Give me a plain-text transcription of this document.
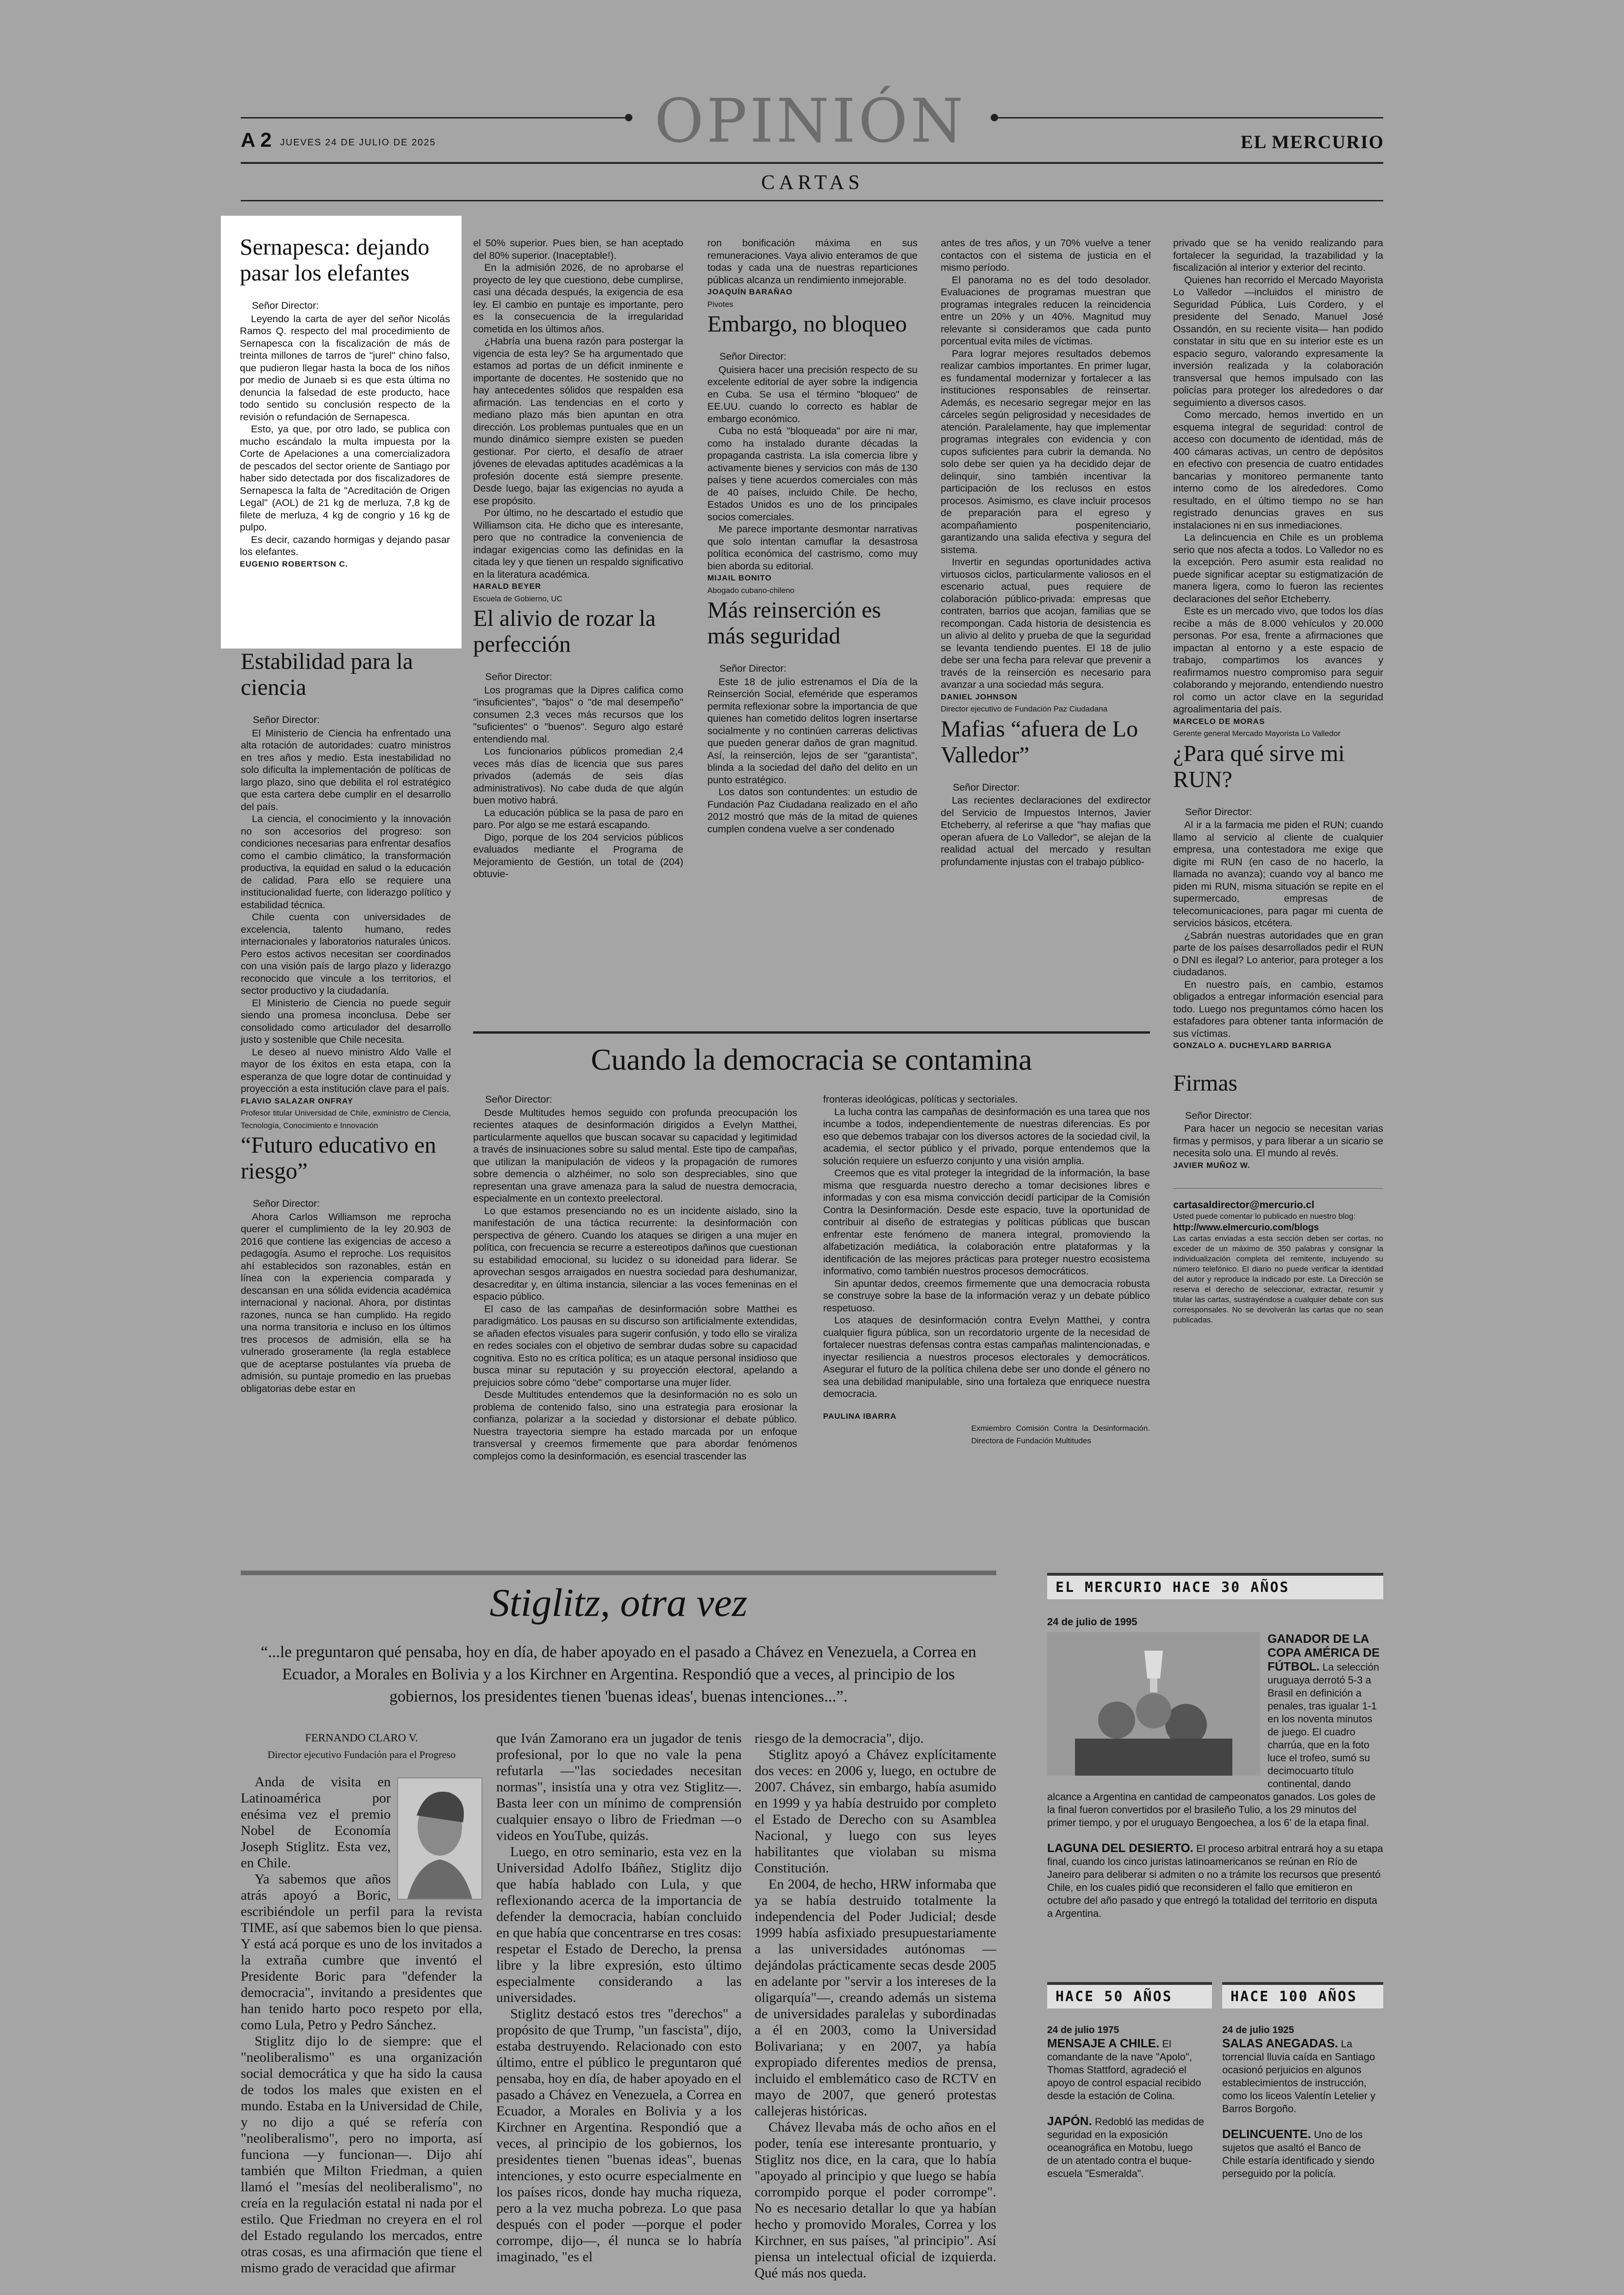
A 2 JUEVES 24 DE JULIO DE 2025	OPINIÓN	EL MERCURIO
CARTAS
Sernapesca: dejando pasar los elefantes

Señor Director:

Leyendo la carta de ayer del señor Nicolás Ramos Q. respecto del mal procedimiento de Sernapesca con la fiscalización de más de treinta millones de tarros de "jurel" chino falso, que pudieron llegar hasta la boca de los niños por medio de Junaeb si es que esta última no denuncia la falsedad de este producto, hace todo sentido su conclusión respecto de la revisión o refundación de Sernapesca.

Esto, ya que, por otro lado, se publica con mucho escándalo la multa impuesta por la Corte de Apelaciones a una comercializadora de pescados del sector oriente de Santiago por haber sido detectada por dos fiscalizadores de Sernapesca la falta de "Acreditación de Origen Legal" (AOL) de 21 kg de merluza, 7,8 kg de filete de merluza, 4 kg de congrio y 16 kg de pulpo.

Es decir, cazando hormigas y dejando pasar los elefantes.

EUGENIO ROBERTSON C.

Estabilidad para la ciencia

Señor Director:

El Ministerio de Ciencia ha enfrentado una alta rotación de autoridades: cuatro ministros en tres años y medio. Esta inestabilidad no solo dificulta la implementación de políticas de largo plazo, sino que debilita el rol estratégico que esta cartera debe cumplir en el desarrollo del país.

La ciencia, el conocimiento y la innovación no son accesorios del progreso: son condiciones necesarias para enfrentar desafíos como el cambio climático, la transformación productiva, la equidad en salud o la educación de calidad. Para ello se requiere una institucionalidad fuerte, con liderazgo político y estabilidad técnica.

Chile cuenta con universidades de excelencia, talento humano, redes internacionales y laboratorios naturales únicos. Pero estos activos necesitan ser coordinados con una visión país de largo plazo y liderazgo reconocido que vincule a los territorios, el sector productivo y la ciudadanía.

El Ministerio de Ciencia no puede seguir siendo una promesa inconclusa. Debe ser consolidado como articulador del desarrollo justo y sostenible que Chile necesita.

Le deseo al nuevo ministro Aldo Valle el mayor de los éxitos en esta etapa, con la esperanza de que logre dotar de continuidad y proyección a esta institución clave para el país.

FLAVIO SALAZAR ONFRAY

Profesor titular Universidad de Chile, exministro de Ciencia, Tecnología, Conocimiento e Innovación

“Futuro educativo en riesgo”

Señor Director:

Ahora Carlos Williamson me reprocha querer el cumplimiento de la ley 20.903 de 2016 que contiene las exigencias de acceso a pedagogía. Asumo el reproche. Los requisitos ahí establecidos son razonables, están en línea con la experiencia comparada y descansan en una sólida evidencia académica internacional y nacional. Ahora, por distintas razones, nunca se han cumplido. Ha regido una norma transitoria e incluso en los últimos tres procesos de admisión, ella se ha vulnerado groseramente (la regla establece que de aceptarse postulantes vía prueba de admisión, su puntaje promedio en las pruebas obligatorias debe estar en

el 50% superior. Pues bien, se han aceptado del 80% superior. (Inaceptable!).

En la admisión 2026, de no aprobarse el proyecto de ley que cuestiono, debe cumplirse, casi una década después, la exigencia de esa ley. El cambio en puntaje es importante, pero es la consecuencia de la irregularidad cometida en los últimos años.

¿Habría una buena razón para postergar la vigencia de esta ley? Se ha argumentado que estamos ad portas de un déficit inminente e importante de docentes. He sostenido que no hay antecedentes sólidos que respalden esa afirmación. Las tendencias en el corto y mediano plazo más bien apuntan en otra dirección. Los problemas puntuales que en un mundo dinámico siempre existen se pueden gestionar. Por cierto, el desafío de atraer jóvenes de elevadas aptitudes académicas a la profesión docente está siempre presente. Desde luego, bajar las exigencias no ayuda a ese propósito.

Por último, no he descartado el estudio que Williamson cita. He dicho que es interesante, pero que no contradice la conveniencia de indagar exigencias como las definidas en la citada ley y que tienen un respaldo significativo en la literatura académica.

HARALD BEYER

Escuela de Gobierno, UC

El alivio de rozar la perfección

Señor Director:

Los programas que la Dipres califica como "insuficientes", "bajos" o "de mal desempeño" consumen 2,3 veces más recursos que los "suficientes" o "buenos". Seguro algo estaré entendiendo mal.

Los funcionarios públicos promedian 2,4 veces más días de licencia que sus pares privados (además de seis días administrativos). No cabe duda de que algún buen motivo habrá.

La educación pública se la pasa de paro en paro. Por algo se me estará escapando.

Digo, porque de los 204 servicios públicos evaluados mediante el Programa de Mejoramiento de Gestión, un total de (204) obtuvie-

ron bonificación máxima en sus remuneraciones. Vaya alivio enteramos de que todas y cada una de nuestras reparticiones públicas alcanza un rendimiento inmejorable.

JOAQUÍN BARAÑAO

Pivotes

Embargo, no bloqueo

Señor Director:

Quisiera hacer una precisión respecto de su excelente editorial de ayer sobre la indigencia en Cuba. Se usa el término "bloqueo" de EE.UU. cuando lo correcto es hablar de embargo económico.

Cuba no está "bloqueada" por aire ni mar, como ha instalado durante décadas la propaganda castrista. La isla comercia libre y activamente bienes y servicios con más de 130 países y tiene acuerdos comerciales con más de 40 países, incluido Chile. De hecho, Estados Unidos es uno de los principales socios comerciales.

Me parece importante desmontar narrativas que solo intentan camuflar la desastrosa política económica del castrismo, como muy bien aborda su editorial.

MIJAIL BONITO

Abogado cubano-chileno

Más reinserción es más seguridad

Señor Director:

Este 18 de julio estrenamos el Día de la Reinserción Social, efeméride que esperamos permita reflexionar sobre la importancia de que quienes han cometido delitos logren insertarse socialmente y no continúen carreras delictivas que pueden generar daños de gran magnitud. Así, la reinserción, lejos de ser "garantista", blinda a la sociedad del daño del delito en un punto estratégico.

Los datos son contundentes: un estudio de Fundación Paz Ciudadana realizado en el año 2012 mostró que más de la mitad de quienes cumplen condena vuelve a ser condenado

antes de tres años, y un 70% vuelve a tener contactos con el sistema de justicia en el mismo período.

El panorama no es del todo desolador. Evaluaciones de programas muestran que programas integrales reducen la reincidencia entre un 20% y un 40%. Magnitud muy relevante si consideramos que cada punto porcentual evita miles de víctimas.

Para lograr mejores resultados debemos realizar cambios importantes. En primer lugar, es fundamental modernizar y fortalecer a las instituciones responsables de reinsertar. Además, es necesario segregar mejor en las cárceles según peligrosidad y necesidades de atención. Paralelamente, hay que implementar programas integrales con evidencia y con cupos suficientes para cubrir la demanda. No solo debe ser quien ya ha decidido dejar de delinquir, sino también incentivar la participación de los reclusos en estos procesos. Asimismo, es clave incluir procesos de preparación para el egreso y acompañamiento pospenitenciario, garantizando una salida efectiva y segura del sistema.

Invertir en segundas oportunidades activa virtuosos ciclos, particularmente valiosos en el escenario actual, pues requiere de colaboración público-privada: empresas que contraten, barrios que acojan, familias que se recompongan. Cada historia de desistencia es un alivio al delito y prueba de que la seguridad se levanta tendiendo puentes. El 18 de julio debe ser una fecha para relevar que prevenir a través de la reinserción es necesario para avanzar a una sociedad más segura.

DANIEL JOHNSON

Director ejecutivo de Fundación Paz Ciudadana

Mafias “afuera de Lo Valledor”

Señor Director:

Las recientes declaraciones del exdirector del Servicio de Impuestos Internos, Javier Etcheberry, al referirse a que "hay mafias que operan afuera de Lo Valledor", se alejan de la realidad actual del mercado y resultan profundamente injustas con el trabajo público-

privado que se ha venido realizando para fortalecer la seguridad, la trazabilidad y la fiscalización al interior y exterior del recinto.

Quienes han recorrido el Mercado Mayorista Lo Valledor —incluidos el ministro de Seguridad Pública, Luis Cordero, y el presidente del Senado, Manuel José Ossandón, en su reciente visita— han podido constatar in situ que en su interior este es un espacio seguro, valorando expresamente la inversión realizada y la colaboración transversal que hemos impulsado con las policías para proteger los alrededores o dar seguimiento a diversos casos.

Como mercado, hemos invertido en un esquema integral de seguridad: control de acceso con documento de identidad, más de 400 cámaras activas, un centro de depósitos en efectivo con presencia de cuatro entidades bancarias y monitoreo permanente tanto interno como de los alrededores. Como resultado, en el último tiempo no se han registrado denuncias graves en sus instalaciones ni en sus inmediaciones.

La delincuencia en Chile es un problema serio que nos afecta a todos. Lo Valledor no es la excepción. Pero asumir esta realidad no puede significar aceptar su estigmatización de manera ligera, como lo fueron las recientes declaraciones del señor Etcheberry.

Este es un mercado vivo, que todos los días recibe a más de 8.000 vehículos y 20.000 personas. Por esa, frente a afirmaciones que impactan al entorno y a este espacio de trabajo, compartimos los avances y reafirmamos nuestro compromiso para seguir colaborando y mejorando, entendiendo nuestro rol como un actor clave en la seguridad agroalimentaria del país.

MARCELO DE MORAS

Gerente general Mercado Mayorista Lo Valledor

¿Para qué sirve mi RUN?

Señor Director:

Al ir a la farmacia me piden el RUN; cuando llamo al servicio al cliente de cualquier empresa, una contestadora me exige que digite mi RUN (en caso de no hacerlo, la llamada no avanza); cuando voy al banco me piden mi RUN, misma situación se repite en el supermercado, empresas de telecomunicaciones, para pagar mi cuenta de servicios básicos, etcétera.

¿Sabrán nuestras autoridades que en gran parte de los países desarrollados pedir el RUN o DNI es ilegal? Lo anterior, para proteger a los ciudadanos.

En nuestro país, en cambio, estamos obligados a entregar información esencial para todo. Luego nos preguntamos cómo hacen los estafadores para obtener tanta información de sus víctimas.

GONZALO A. DUCHEYLARD BARRIGA

Firmas

Señor Director:

Para hacer un negocio se necesitan varias firmas y permisos, y para liberar a un sicario se necesita solo una. El mundo al revés.

JAVIER MUÑOZ W.

cartasaldirector@mercurio.cl
Usted puede comentar lo publicado en nuestro blog:
http://www.elmercurio.com/blogs
Las cartas enviadas a esta sección deben ser cortas, no exceder de un máximo de 350 palabras y consignar la individualización completa del remitente, incluyendo su número telefónico. El diario no puede verificar la identidad del autor y reproduce la indicado por este. La Dirección se reserva el derecho de seleccionar, extractar, resumir y titular las cartas, sustrayéndose a cualquier debate con sus corresponsales. No se devolverán las cartas que no sean publicadas.
Cuando la democracia se contamina

Señor Director:

Desde Multitudes hemos seguido con profunda preocupación los recientes ataques de desinformación dirigidos a Evelyn Matthei, particularmente aquellos que buscan socavar su capacidad y legitimidad a través de insinuaciones sobre su salud mental. Este tipo de campañas, que utilizan la manipulación de videos y la propagación de rumores sobre demencia o alzhéimer, no solo son despreciables, sino que representan una grave amenaza para la salud de nuestra democracia, especialmente en un contexto preelectoral.

Lo que estamos presenciando no es un incidente aislado, sino la manifestación de una táctica recurrente: la desinformación con perspectiva de género. Cuando los ataques se dirigen a una mujer en política, con frecuencia se recurre a estereotipos dañinos que cuestionan su estabilidad emocional, su lucidez o su idoneidad para liderar. Se aprovechan sesgos arraigados en nuestra sociedad para deshumanizar, desacreditar y, en última instancia, silenciar a las voces femeninas en el espacio público.

El caso de las campañas de desinformación sobre Matthei es paradigmático. Los pausas en su discurso son artificialmente extendidas, se añaden efectos visuales para sugerir confusión, y todo ello se viraliza en redes sociales con el objetivo de sembrar dudas sobre su capacidad cognitiva. Esto no es crítica política; es un ataque personal insidioso que busca minar su reputación y su proyección electoral, apelando a prejuicios sobre cómo "debe" comportarse una mujer líder.

Desde Multitudes entendemos que la desinformación no es solo un problema de contenido falso, sino una estrategia para erosionar la confianza, polarizar a la sociedad y distorsionar el debate público. Nuestra trayectoria siempre ha estado marcada por un enfoque transversal y creemos firmemente que para abordar fenómenos complejos como la desinformación, es esencial trascender las

fronteras ideológicas, políticas y sectoriales.

La lucha contra las campañas de desinformación es una tarea que nos incumbe a todos, independientemente de nuestras diferencias. Es por eso que debemos trabajar con los diversos actores de la sociedad civil, la academia, el sector público y el privado, porque entendemos que la solución requiere un esfuerzo conjunto y una visión amplia.

Creemos que es vital proteger la integridad de la información, la base misma que resguarda nuestro derecho a tomar decisiones libres e informadas y con esa misma convicción decidí participar de la Comisión Contra la Desinformación. Desde este espacio, tuve la oportunidad de contribuir al diseño de estrategias y políticas públicas que buscan enfrentar este fenómeno de manera integral, promoviendo la alfabetización mediática, la colaboración entre plataformas y la identificación de las mejores prácticas para proteger nuestro ecosistema informativo, como también nuestros procesos democráticos.

Sin apuntar dedos, creemos firmemente que una democracia robusta se construye sobre la base de la información veraz y un debate público respetuoso.

Los ataques de desinformación contra Evelyn Matthei, y contra cualquier figura pública, son un recordatorio urgente de la necesidad de fortalecer nuestras defensas contra estas campañas malintencionadas, e inyectar resiliencia a nuestros procesos electorales y democráticos. Asegurar el futuro de la política chilena debe ser uno donde el género no sea una debilidad manipulable, sino una fortaleza que enriquece nuestra democracia.

PAULINA IBARRA

Exmiembro Comisión Contra la Desinformación. Directora de Fundación Multitudes

Stiglitz, otra vez
“...le preguntaron qué pensaba, hoy en día, de haber apoyado en el pasado a Chávez en Venezuela, a Correa en Ecuador, a Morales en Bolivia y a los Kirchner en Argentina. Respondió que a veces, al principio de los gobiernos, los presidentes tienen 'buenas ideas', buenas intenciones...”.
FERNANDO CLARO V.
Director ejecutivo Fundación para el Progreso

Anda de visita en Latinoamérica por enésima vez el premio Nobel de Economía Joseph Stiglitz. Esta vez, en Chile.

Ya sabemos que años atrás apoyó a Boric, escribiéndole un perfil para la revista TIME, así que sabemos bien lo que piensa. Y está acá porque es uno de los invitados a la extraña cumbre que inventó el Presidente Boric para "defender la democracia", invitando a presidentes que han tenido harto poco respeto por ella, como Lula, Petro y Pedro Sánchez.

Stiglitz dijo lo de siempre: que el "neoliberalismo" es una organización social democrática y que ha sido la causa de todos los males que existen en el mundo. Estaba en la Universidad de Chile, y no dijo a qué se refería con "neoliberalismo", pero no importa, así funciona —y funcionan—. Dijo ahí también que Milton Friedman, a quien llamó el "mesías del neoliberalismo", no creía en la regulación estatal ni nada por el estilo. Que Friedman no creyera en el rol del Estado regulando los mercados, entre otras cosas, es una afirmación que tiene el mismo grado de veracidad que afirmar

que Iván Zamorano era un jugador de tenis profesional, por lo que no vale la pena refutarla —"las sociedades necesitan normas", insistía una y otra vez Stiglitz—. Basta leer con un mínimo de comprensión cualquier ensayo o libro de Friedman —o videos en YouTube, quizás.

Luego, en otro seminario, esta vez en la Universidad Adolfo Ibáñez, Stiglitz dijo que había hablado con Lula, y que reflexionando acerca de la importancia de defender la democracia, habían concluido en que había que concentrarse en tres cosas: respetar el Estado de Derecho, la prensa libre y la libre expresión, esto último especialmente considerando a las universidades.

Stiglitz destacó estos tres "derechos" a propósito de que Trump, "un fascista", dijo, estaba destruyendo. Relacionado con esto último, entre el público le preguntaron qué pensaba, hoy en día, de haber apoyado en el pasado a Chávez en Venezuela, a Correa en Ecuador, a Morales en Bolivia y a los Kirchner en Argentina. Respondió que a veces, al principio de los gobiernos, los presidentes tienen "buenas ideas", buenas intenciones, y esto ocurre especialmente en los países ricos, donde hay mucha riqueza, pero a la vez mucha pobreza. Lo que pasa después con el poder —porque el poder corrompe, dijo—, él nunca se lo habría imaginado, "es el

riesgo de la democracia", dijo.

Stiglitz apoyó a Chávez explícitamente dos veces: en 2006 y, luego, en octubre de 2007. Chávez, sin embargo, había asumido en 1999 y ya había destruido por completo el Estado de Derecho con su Asamblea Nacional, y luego con sus leyes habilitantes que violaban su misma Constitución.

En 2004, de hecho, HRW informaba que ya se había destruido totalmente la independencia del Poder Judicial; desde 1999 había asfixiado presupuestariamente a las universidades autónomas —dejándolas prácticamente secas desde 2005 en adelante por "servir a los intereses de la oligarquía"—, creando además un sistema de universidades paralelas y subordinadas a él en 2003, como la Universidad Bolivariana; y en 2007, ya había expropiado diferentes medios de prensa, incluido el emblemático caso de RCTV en mayo de 2007, que generó protestas callejeras históricas.

Chávez llevaba más de ocho años en el poder, tenía ese interesante prontuario, y Stiglitz nos dice, en la cara, que lo había "apoyado al principio y que luego se había corrompido porque el poder corrompe". No es necesario detallar lo que ya habían hecho y promovido Morales, Correa y los Kirchner, en sus países, "al principio". Así piensa un intelectual oficial de izquierda. Qué más nos queda.

EL MERCURIO HACE 30 AÑOS
24 de julio de 1995
GANADOR DE LA COPA AMÉRICA DE FÚTBOL. La selección uruguaya derrotó 5-3 a Brasil en definición a penales, tras igualar 1-1 en los noventa minutos de juego. El cuadro charrúa, que en la foto luce el trofeo, sumó su decimocuarto título continental, dando alcance a Argentina en cantidad de campeonatos ganados. Los goles de la final fueron convertidos por el brasileño Tulio, a los 29 minutos del primer tiempo, y por el uruguayo Bengoechea, a los 6' de la etapa final.
LAGUNA DEL DESIERTO. El proceso arbitral entrará hoy a su etapa final, cuando los cinco juristas latinoamericanos se reúnan en Río de Janeiro para deliberar si admiten o no a trámite los recursos que presentó Chile, en los cuales pidió que reconsideren el fallo que emitieron en octubre del año pasado y que entregó la totalidad del territorio en disputa a Argentina.
HACE 50 AÑOS
24 de julio 1975
MENSAJE A CHILE. El comandante de la nave "Apolo", Thomas Stattford, agradeció el apoyo de control espacial recibido desde la estación de Colina.
JAPÓN. Redobló las medidas de seguridad en la exposición oceanográfica en Motobu, luego de un atentado contra el buque-escuela "Esmeralda".
HACE 100 AÑOS
24 de julio 1925
SALAS ANEGADAS. La torrencial lluvia caída en Santiago ocasionó perjuicios en algunos establecimientos de instrucción, como los liceos Valentín Letelier y Barros Borgoño.
DELINCUENTE. Uno de los sujetos que asaltó el Banco de Chile estaría identificado y siendo perseguido por la policía.
